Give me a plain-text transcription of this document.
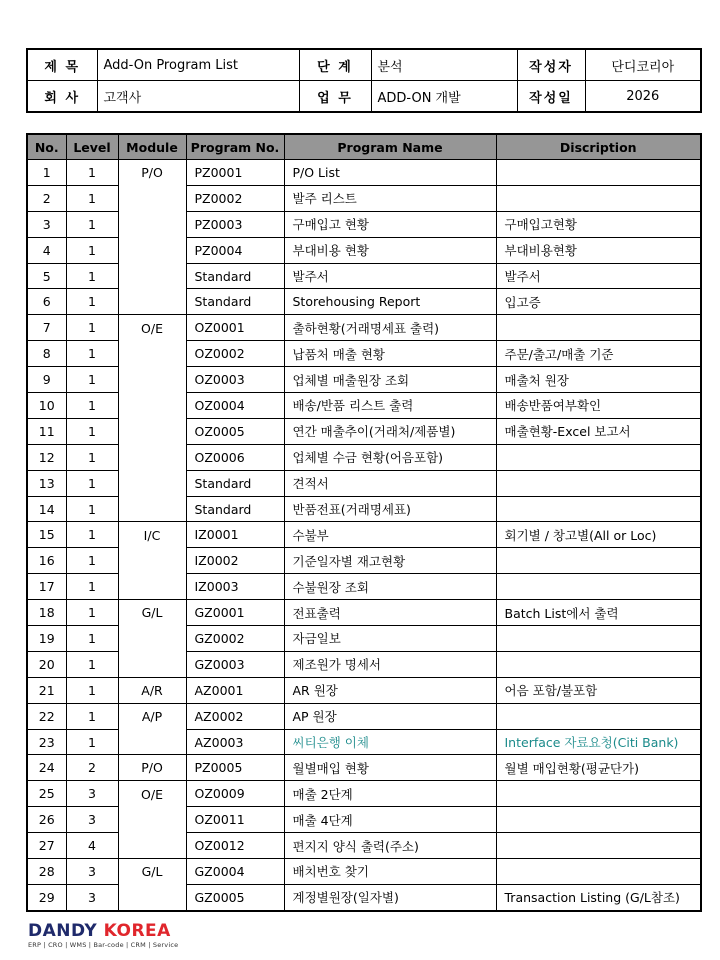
제 목	Add-On Program List	단 계	분석	작성자	단디코리아
회 사	고객사	업 무	ADD-ON 개발	작성일	2026
No.	Level	Module	Program No.	Program Name	Discription
1	1	P/O	PZ0001	P/O List	
2	1		PZ0002	발주 리스트	
3	1		PZ0003	구매입고 현황	구매입고현황
4	1		PZ0004	부대비용 현황	부대비용현황
5	1		Standard	발주서	발주서
6	1		Standard	Storehousing Report	입고증
7	1	O/E	OZ0001	출하현황(거래명세표 출력)	
8	1		OZ0002	납품처 매출 현황	주문/출고/매출 기준
9	1		OZ0003	업체별 매출원장 조회	매출처 원장
10	1		OZ0004	배송/반품 리스트 출력	배송반품여부확인
11	1		OZ0005	연간 매출추이(거래처/제품별)	매출현황-Excel 보고서
12	1		OZ0006	업체별 수금 현황(어음포함)	
13	1		Standard	견적서	
14	1		Standard	반품전표(거래명세표)	
15	1	I/C	IZ0001	수불부	회기별 / 창고별(All or Loc)
16	1		IZ0002	기준일자별 재고현황	
17	1		IZ0003	수불원장 조회	
18	1	G/L	GZ0001	전표출력	Batch List에서 출력
19	1		GZ0002	자금일보	
20	1		GZ0003	제조원가 명세서	
21	1	A/R	AZ0001	AR 원장	어음 포함/불포함
22	1	A/P	AZ0002	AP 원장	
23	1		AZ0003	씨티은행 이체	Interface 자료요청(Citi Bank)
24	2	P/O	PZ0005	월별매입 현황	월별 매입현황(평균단가)
25	3	O/E	OZ0009	매출 2단계	
26	3		OZ0011	매출 4단계	
27	4		OZ0012	편지지 양식 출력(주소)	
28	3	G/L	GZ0004	배치번호 찾기	
29	3		GZ0005	계정별원장(일자별)	Transaction Listing (G/L참조)
DANDY KOREA
ERP | CRO | WMS | Bar-code | CRM | Service
